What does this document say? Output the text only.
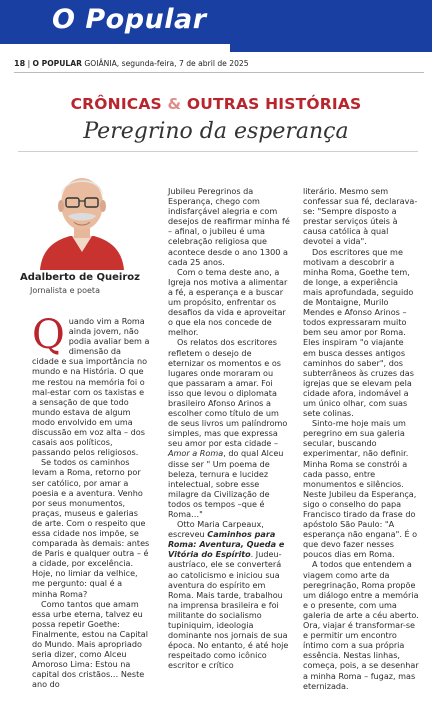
O Popular
18 | O POPULAR GOIÂNIA, segunda-feira, 7 de abril de 2025
CRÔNICAS & OUTRAS HISTÓRIAS
Peregrino da esperança
Adalberto de Queiroz
Jornalista e poeta

Quando vim a Roma ainda jovem, não podia avaliar bem a dimensão da cidade e sua importância no mundo e na História. O que me restou na memória foi o mal-estar com os taxistas e a sensação de que todo mundo estava de algum modo envolvido em uma discussão em voz alta – dos casais aos políticos, passando pelos religiosos.

Se todos os caminhos levam a Roma, retorno por ser católico, por amar a poesia e a aventura. Venho por seus monumentos, praças, museus e galerias de arte. Com o respeito que essa cidade nos impõe, se comparada às demais: antes de Paris e qualquer outra – é a cidade, por excelência. Hoje, no limiar da velhice, me pergunto: qual é a minha Roma?

Como tantos que amam essa urbe eterna, talvez eu possa repetir Goethe: Finalmente, estou na Capital do Mundo. Mais apropriado seria dizer, como Alceu Amoroso Lima: Estou na capital dos cristãos… Neste ano do

Jubileu Peregrinos da Esperança, chego com indisfarçável alegria e com desejos de reafirmar minha fé – afinal, o jubileu é uma celebração religiosa que acontece desde o ano 1300 a cada 25 anos.

Com o tema deste ano, a Igreja nos motiva a alimentar a fé, a esperança e a buscar um propósito, enfrentar os desafios da vida e aproveitar o que ela nos concede de melhor.

Os relatos dos escritores refletem o desejo de eternizar os momentos e os lugares onde moraram ou que passaram a amar. Foi isso que levou o diplomata brasileiro Afonso Arinos a escolher como título de um de seus livros um palíndromo simples, mas que expressa seu amor por esta cidade – Amor a Roma, do qual Alceu disse ser " Um poema de beleza, ternura e lucidez intelectual, sobre esse milagre da Civilização de todos os tempos –que é Roma…"

Otto Maria Carpeaux, escreveu Caminhos para Roma: Aventura, Queda e Vitória do Espírito. Judeu-austríaco, ele se converterá ao catolicismo e iniciou sua aventura do espírito em Roma. Mais tarde, trabalhou na imprensa brasileira e foi militante do socialismo tupiniquim, ideologia dominante nos jornais de sua época. No entanto, é até hoje respeitado como icônico escritor e crítico

literário. Mesmo sem confessar sua fé, declarava-se: "Sempre disposto a prestar serviços úteis à causa católica à qual devotei a vida".

Dos escritores que me motivam a descobrir a minha Roma, Goethe tem, de longe, a experiência mais aprofundada, seguido de Montaigne, Murilo Mendes e Afonso Arinos – todos expressaram muito bem seu amor por Roma. Eles inspiram "o viajante em busca desses antigos caminhos do saber", dos subterrâneos às cruzes das igrejas que se elevam pela cidade afora, indomável a um único olhar, com suas sete colinas.

Sinto-me hoje mais um peregrino em sua galeria secular, buscando experimentar, não definir. Minha Roma se constrói a cada passo, entre monumentos e silêncios. Neste Jubileu da Esperança, sigo o conselho do papa Francisco tirado da frase do apóstolo São Paulo: "A esperança não engana". É o que devo fazer nesses poucos dias em Roma.

A todos que entendem a viagem como arte da peregrinação, Roma propõe um diálogo entre a memória e o presente, com uma galeria de arte a céu aberto. Ora, viajar é transformar-se e permitir um encontro íntimo com a sua própria essência. Nestas linhas, começa, pois, a se desenhar a minha Roma – fugaz, mas eternizada.
